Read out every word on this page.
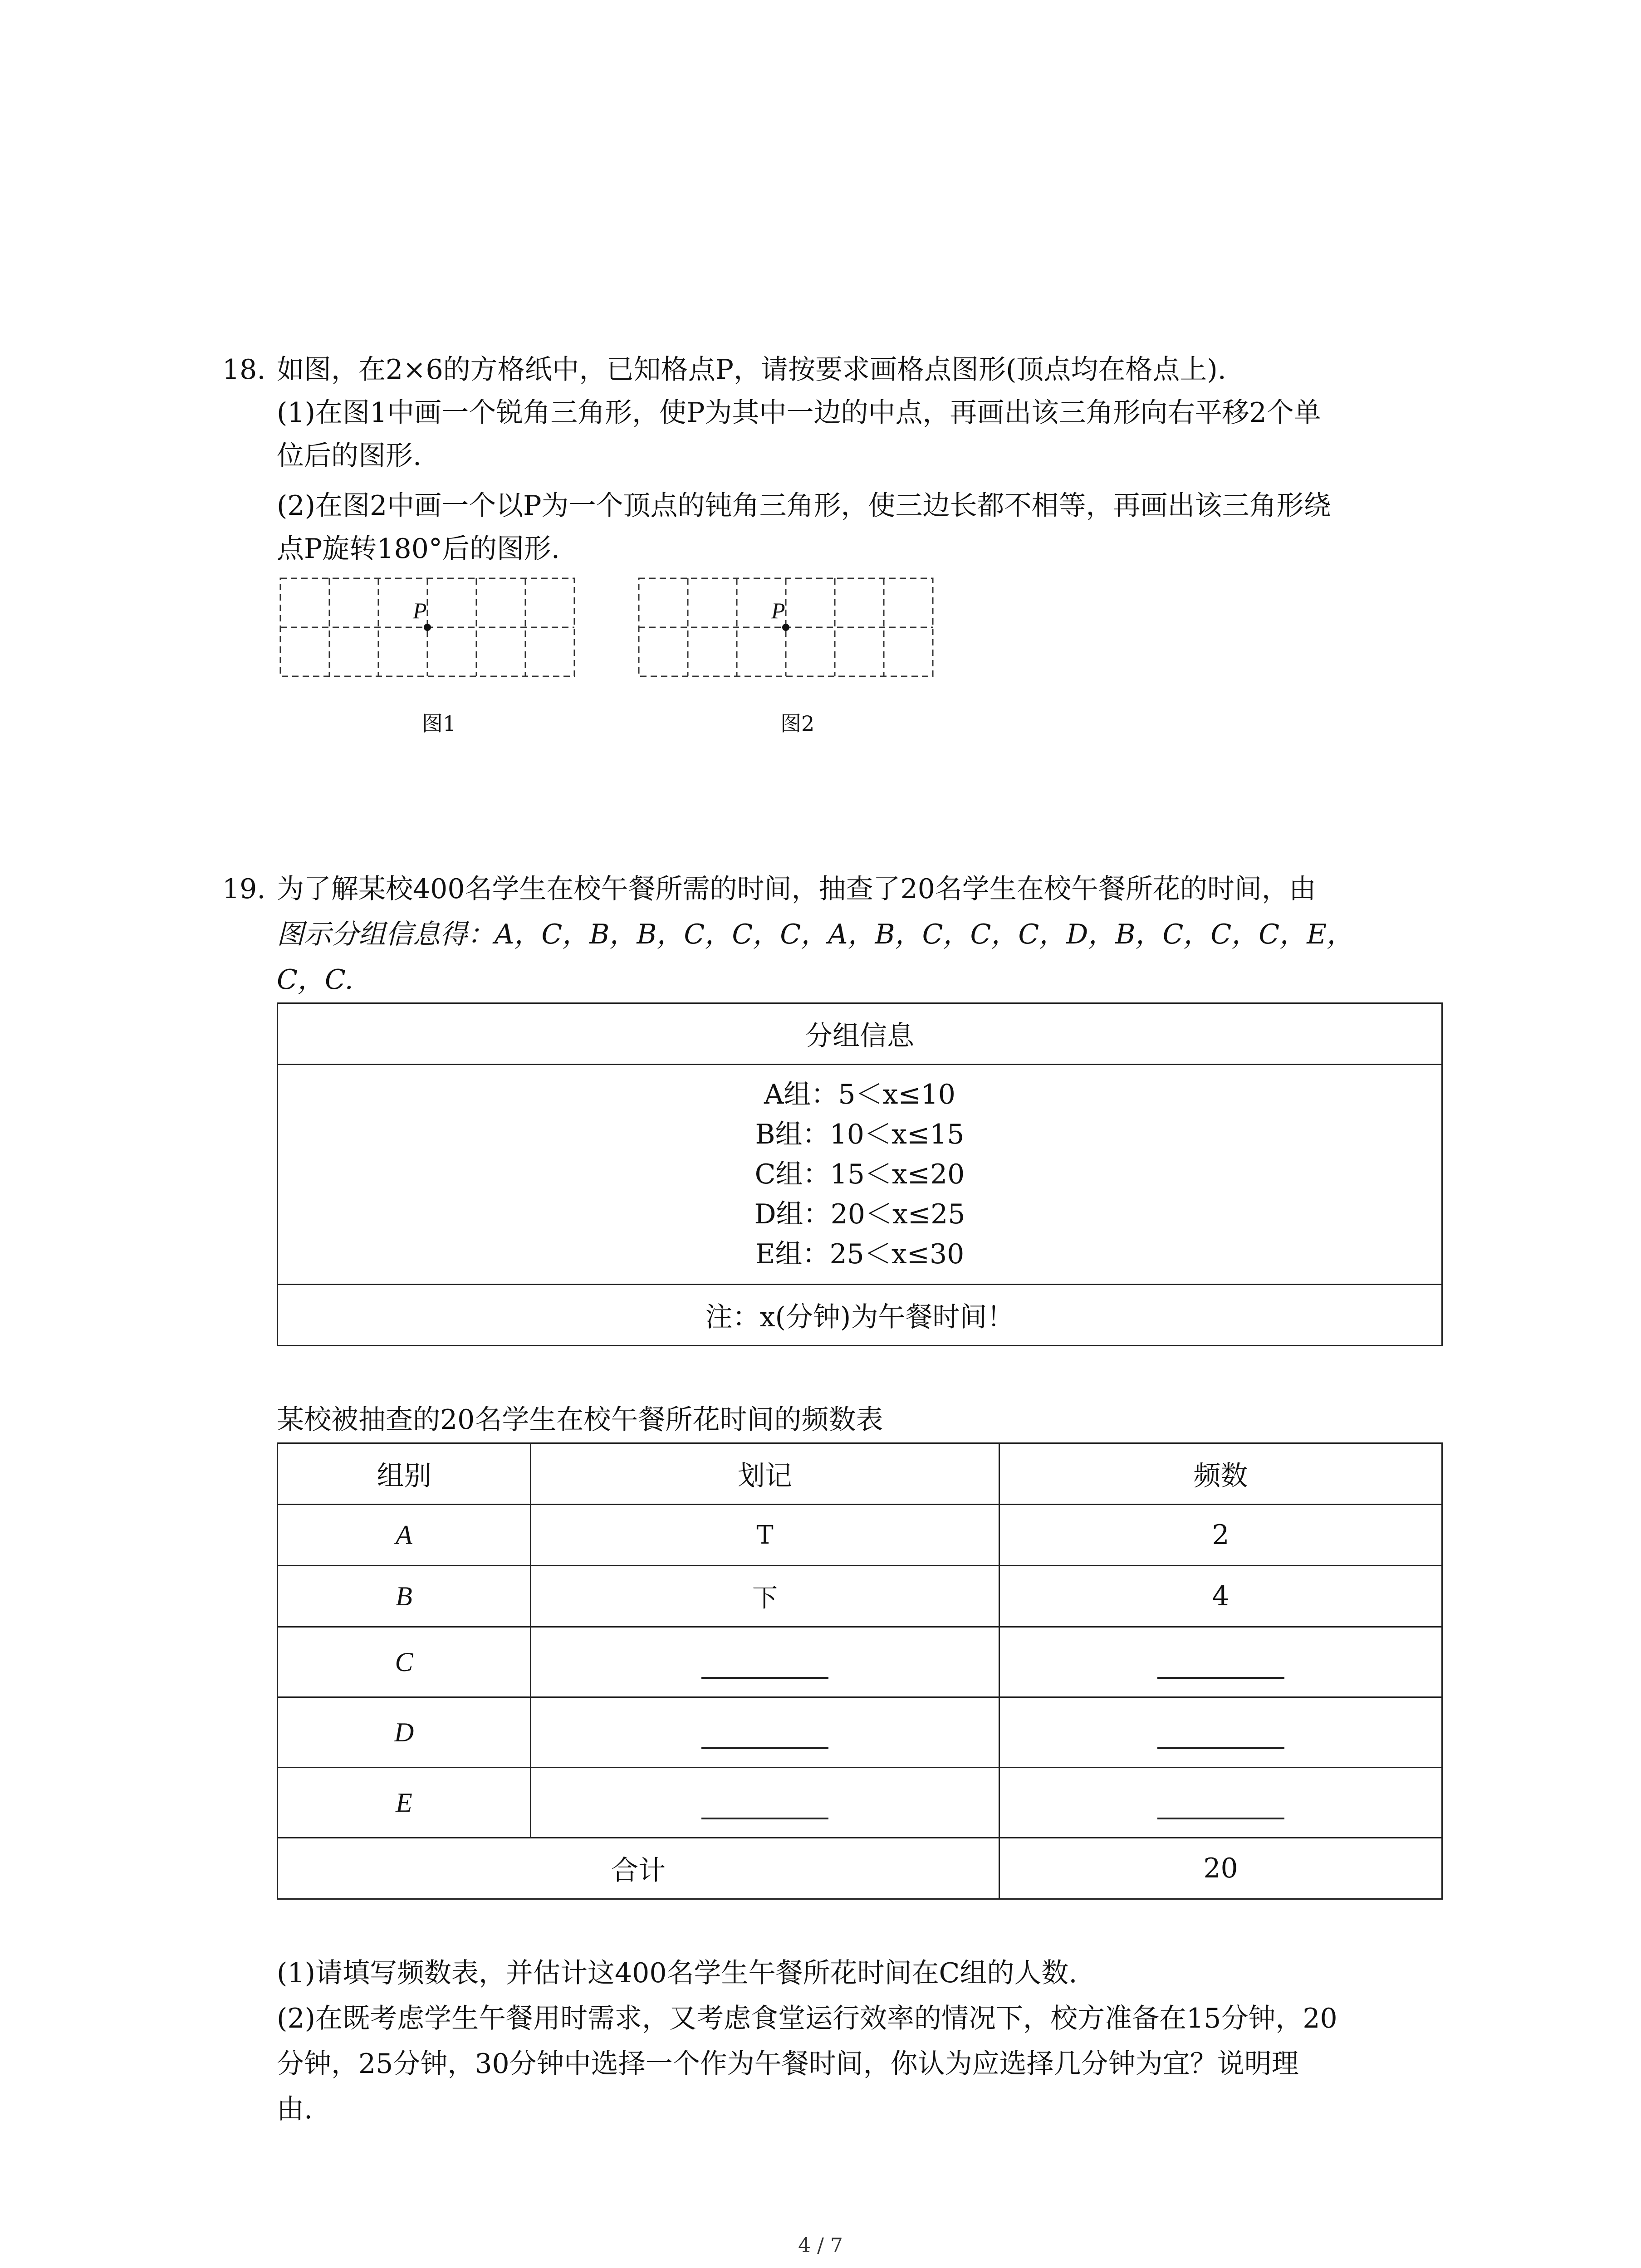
18. 如图，在2×6的方格纸中，已知格点P，请按要求画格点图形(顶点均在格点上).
(1)在图1中画一个锐角三角形，使P为其中一边的中点，再画出该三角形向右平移2个单
位后的图形.
(2)在图2中画一个以P为一个顶点的钝角三角形，使三边长都不相等，再画出该三角形绕
点P旋转180°后的图形.
P
图1
P
图2
19. 为了解某校400名学生在校午餐所需的时间，抽查了20名学生在校午餐所花的时间，由
图示分组信息得：A，C，B，B，C，C，C，A，B，C，C，C，D，B，C，C，C，E，
C，C.
分组信息

A组：5＜x≤10
B组：10＜x≤15
C组：15＜x≤20
D组：20＜x≤25
E组：25＜x≤30

注：x(分钟)为午餐时间！
某校被抽查的20名学生在校午餐所花时间的频数表
组别	划记	频数
A	T	2
B	下	4
C		
D		
E		
合计		20
(1)请填写频数表，并估计这400名学生午餐所花时间在C组的人数.
(2)在既考虑学生午餐用时需求，又考虑食堂运行效率的情况下，校方准备在15分钟，20
分钟，25分钟，30分钟中选择一个作为午餐时间，你认为应选择几分钟为宜？说明理
由.
4 / 7
